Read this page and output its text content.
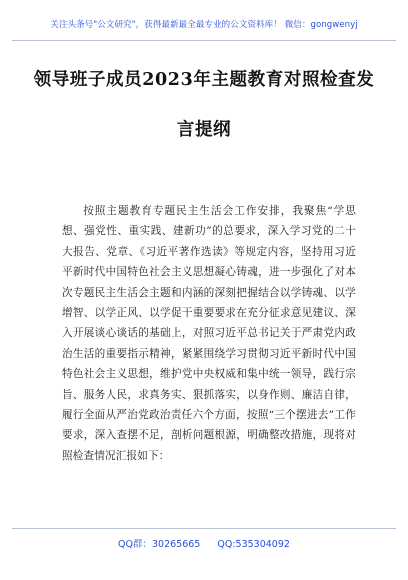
关注头条号"公文研究"，获得最新最全最专业的公文资料库！ 微信：gongwenyj
领导班子成员2023年主题教育对照检查发
言提纲

按照主题教育专题民主生活会工作安排，我聚焦“学思想、强党性、重实践、建新功”的总要求，深入学习党的二十大报告、党章、《习近平著作选读》等规定内容，坚持用习近平新时代中国特色社会主义思想凝心铸魂，进一步强化了对本次专题民主生活会主题和内涵的深刻把握结合以学铸魂、以学增智、以学正风、以学促干重要要求在充分征求意见建议、深入开展谈心谈话的基础上，对照习近平总书记关于严肃党内政治生活的重要指示精神，紧紧围绕学习贯彻习近平新时代中国特色社会主义思想，维护党中央权威和集中统一领导，践行宗旨、服务人民，求真务实、狠抓落实，以身作则、廉洁自律，履行全面从严治党政治责任六个方面，按照“三个摆进去”工作要求，深入查摆不足，剖析问题根源，明确整改措施，现将对照检查情况汇报如下：

QQ群：30265665 QQ:535304092
